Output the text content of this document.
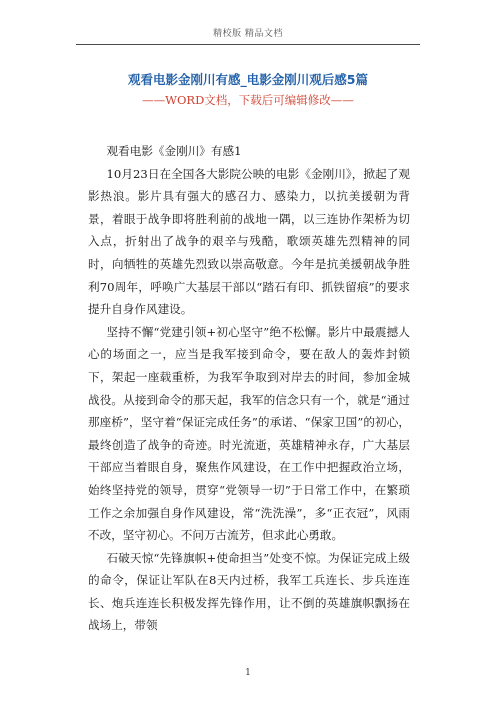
精校版 精品文档
观看电影金刚川有感_电影金刚川观后感5篇
——WORD文档，下载后可编辑修改——

观看电影《金刚川》有感1

10月23日在全国各大影院公映的电影《金刚川》，掀起了观影热浪。影片具有强大的感召力、感染力，以抗美援朝为背景，着眼于战争即将胜利前的战地一隅，以三连协作架桥为切入点，折射出了战争的艰辛与残酷，歌颂英雄先烈精神的同时，向牺牲的英雄先烈致以崇高敬意。今年是抗美援朝战争胜利70周年，呼唤广大基层干部以“踏石有印、抓铁留痕”的要求提升自身作风建设。

坚持不懈“党建引领+初心坚守”绝不松懈。影片中最震撼人心的场面之一，应当是我军接到命令，要在敌人的轰炸封锁下，架起一座载重桥，为我军争取到对岸去的时间，参加金城战役。从接到命令的那天起，我军的信念只有一个，就是“通过那座桥”，坚守着“保证完成任务”的承诺、“保家卫国”的初心，最终创造了战争的奇迹。时光流逝，英雄精神永存，广大基层干部应当着眼自身，聚焦作风建设，在工作中把握政治立场，始终坚持党的领导，贯穿“党领导一切”于日常工作中，在繁琐工作之余加强自身作风建设，常“洗洗澡”，多“正衣冠”，风雨不改，坚守初心。不问万古流芳，但求此心勇敢。

石破天惊“先锋旗帜+使命担当”处变不惊。为保证完成上级的命令，保证让军队在8天内过桥，我军工兵连长、步兵连连长、炮兵连连长积极发挥先锋作用，让不倒的英雄旗帜飘扬在战场上，带领

1
